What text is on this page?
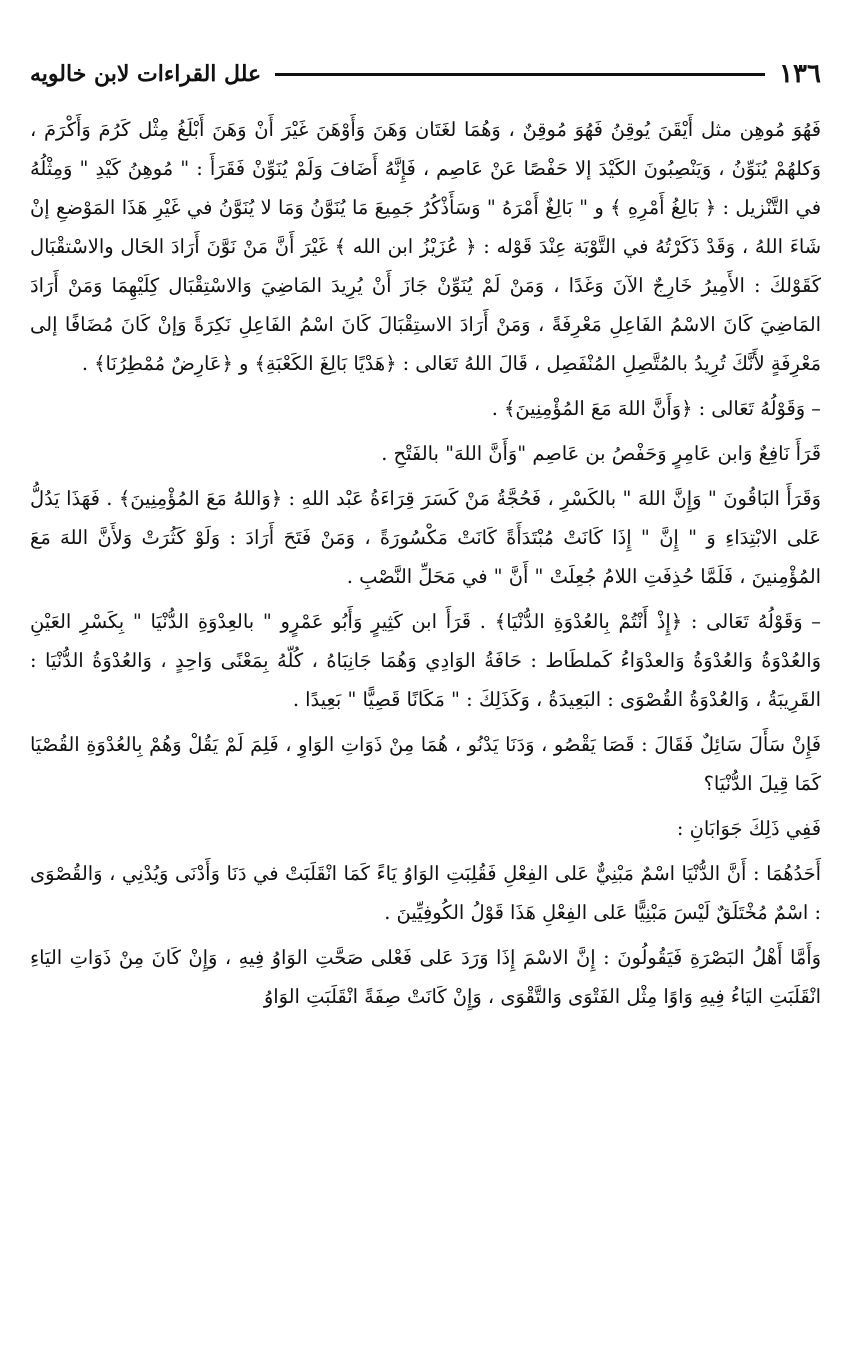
١٣٦
علل القراءات لابن خالويه

فَهُوَ مُوهِن مثل أَيْقَنَ يُوقِنُ فَهُوَ مُوقِنٌ ، وَهُمَا لغَتَان وَهَنَ وَأَوْهَنَ غَيْرَ أَنْ وَهَنَ أَبْلَغُ مِثْل كَرُمَ وَأَكْرَمَ ، وَكلهُمْ يُنَوِّنُ ، وَيَنْصِبُونَ الكَيْدَ إلا حَفْصًا عَنْ عَاصِم ، فَإِنَّهُ أَضَافَ وَلَمْ يُنَوِّنْ فَقَرَأَ : " مُوهِنُ كَيْدِ " وَمِثْلُهُ في التَّنْزيل : ﴿ بَالِغُ أَمْرِهِ ﴾ و " بَالِغٌ أَمْرَهُ " وَسَأَذْكُرُ جَمِيعَ مَا يُنَوَّنُ وَمَا لا يُنَوَّنُ في غَيْرِ هَذَا المَوْضعِ إنْ شَاءَ اللهُ ، وَقَدْ ذَكَرْتُهُ في التَّوْبَة عِنْدَ قَوْله : ﴿ عُزَيْزُ ابن الله ﴾ غَيْرَ أَنَّ مَنْ نَوَّنَ أَرَادَ الحَال والاسْتقْبَال كَقَوْلكَ : الأَمِيرُ خَارِجٌ الآنَ وَغَدًا ، وَمَنْ لَمْ يُنَوِّنْ جَازَ أَنْ يُرِيدَ المَاضِيَ وَالاسْتِقْبَال كِلَيْهِمَا وَمَنْ أَرَادَ المَاضِيَ كَانَ الاسْمُ الفَاعِلِ مَعْرِفَةً ، وَمَنْ أَرَادَ الاستِقْبَالَ كَانَ اسْمُ الفَاعِلِ نَكِرَةً وَإنْ كَانَ مُضَافًا إلى مَعْرِفَةٍ لأَنَّكَ تُرِيدُ بالمُتَّصِلِ المُنْفَصِل ، قَالَ اللهُ تَعَالى : ﴿هَدْيًا بَالِغَ الكَعْبَةِ﴾ و ﴿عَارِضٌ مُمْطِرُنَا﴾ .

– وَقَوْلُهُ تَعَالى : ﴿وَأَنَّ اللهَ مَعَ المُؤْمِنِينَ﴾ .

قَرَأَ نَافِعٌ وَابن عَامِرٍ وَحَفْصُ بن عَاصِم "وَأَنَّ اللهَ" بالفَتْحِ .

وَقَرَأَ البَاقُونَ " وَإِنَّ اللهَ " بالكَسْرِ ، فَحُجَّةُ مَنْ كَسَرَ قِرَاءَةُ عَبْد اللهِ : ﴿وَاللهُ مَعَ المُؤْمِنِينَ﴾ . فَهَذَا يَدُلُّ عَلى الابْتِدَاءِ وَ " إِنَّ " إِذَا كَانَتْ مُبْتَدَأَةً كَانَتْ مَكْسُورَةً ، وَمَنْ فَتَحَ أَرَادَ : وَلَوْ كَثُرَتْ وَلأَنَّ اللهَ مَعَ المُؤْمِنينَ ، فَلَمَّا حُذِفَتِ اللامُ جُعِلَتْ " أَنَّ " في مَحَلِّ النَّصْبِ .

– وَقَوْلُهُ تَعَالى : ﴿إِذْ أَنْتُمْ بِالعُدْوَةِ الدُّنْيَا﴾ . قَرَأَ ابن كَثِيرٍ وَأَبُو عَمْرٍو " بالعِدْوَةِ الدُّنْيَا " بِكَسْرِ العَيْنِ وَالعُدْوَةُ وَالعُدْوَةُ وَالعدْوَاءُ كَملطَاط : حَافَةُ الوَادِي وَهُمَا جَانِبَاهُ ، كُلّهُ بِمَعْنًى وَاحِدٍ ، وَالعُدْوَةُ الدُّنْيَا : القَرِيبَةُ ، وَالعُدْوَةُ القُصْوَى : البَعِيدَةُ ، وَكَذَلِكَ : " مَكَانًا قَصِيًّا " بَعِيدًا .

فَإِنْ سَأَلَ سَائِلٌ فَقَالَ : قَصَا يَقْصُو ، وَدَنَا يَدْنُو ، هُمَا مِنْ ذَوَاتِ الوَاوِ ، فَلِمَ لَمْ يَقُلْ وَهُمْ بِالعُدْوَةِ القُصْيَا كَمَا قِيلَ الدُّنْيَا؟

فَفِي ذَلِكَ جَوَابَانِ :

أَحَدُهُمَا : أَنَّ الدُّنْيَا اسْمٌ مَبْنِيٌّ عَلى الفِعْلِ فَقُلِبَتِ الوَاوُ يَاءً كَمَا انْقَلَبَتْ في دَنَا وَأَدْنَى وَيُدْنِي ، وَالقُصْوَى : اسْمٌ مُخْتَلَقٌ لَيْسَ مَبْنِيًّا عَلى الفِعْلِ هَذَا قَوْلُ الكُوفِيِّينَ .

وَأَمَّا أَهْلُ البَصْرَةِ فَيَقُولُونَ : إِنَّ الاسْمَ إِذَا وَرَدَ عَلى فَعْلى صَحَّتِ الوَاوُ فِيهِ ، وَإِنْ كَانَ مِنْ ذَوَاتِ اليَاءِ انْقَلَبَتِ اليَاءُ فِيهِ وَاوًا مِثْل الفَتْوَى وَالتَّقْوَى ، وَإِنْ كَانَتْ صِفَةً انْقَلَبَتِ الوَاوُ
